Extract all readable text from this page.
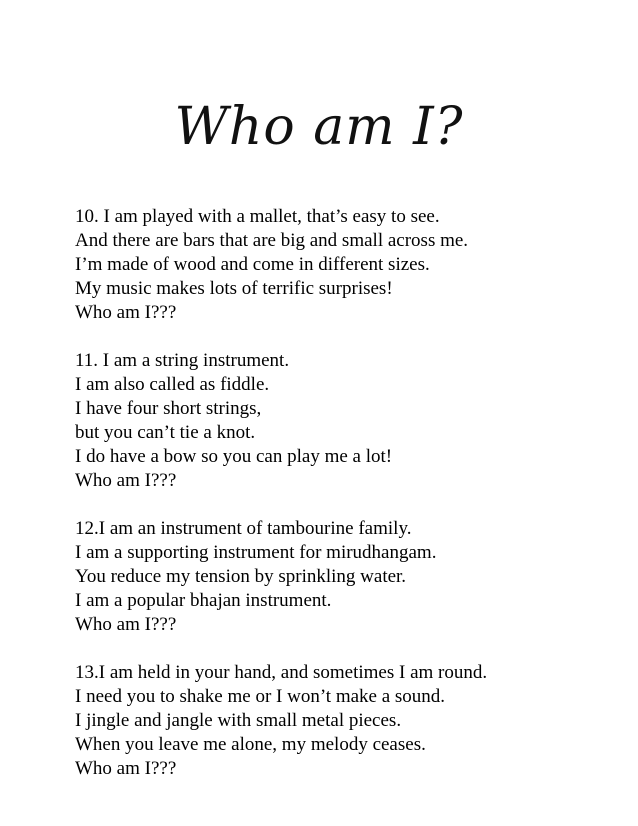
Who am I?
10. I am played with a mallet, that’s easy to see.
And there are bars that are big and small across me.
I’m made of wood and come in different sizes.
My music makes lots of terrific surprises!
Who am I???
11. I am a string instrument.
I am also called as fiddle.
I have four short strings,
but you can’t tie a knot.
I do have a bow so you can play me a lot!
Who am I???
12.I am an instrument of tambourine family.
I am a supporting instrument for mirudhangam.
You reduce my tension by sprinkling water.
I am a popular bhajan instrument.
Who am I???
13.I am held in your hand, and sometimes I am round.
I need you to shake me or I won’t make a sound.
I jingle and jangle with small metal pieces.
When you leave me alone, my melody ceases.
Who am I???
